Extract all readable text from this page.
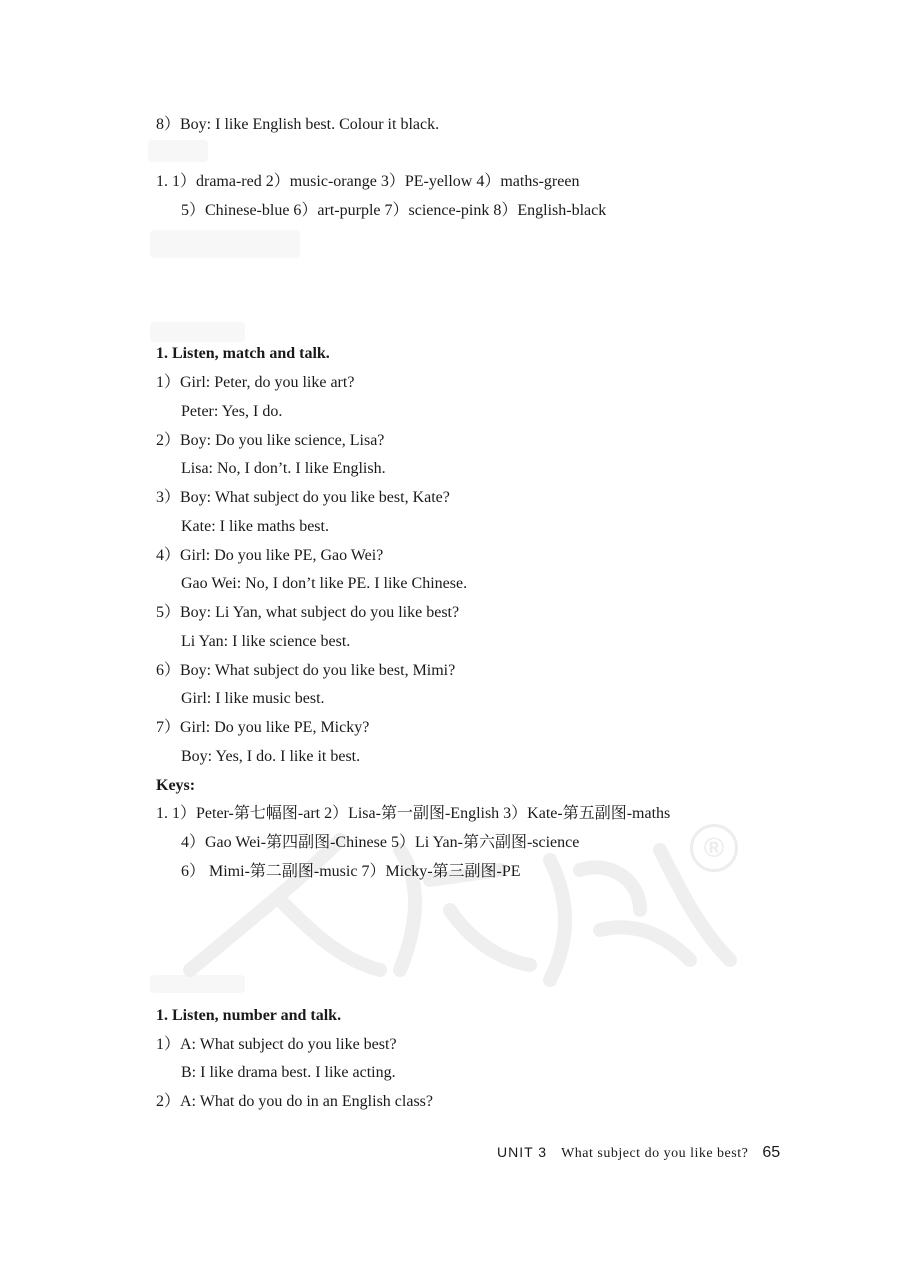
®
8）Boy: I like English best. Colour it black.
1. 1）drama-red 2）music-orange 3）PE-yellow 4）maths-green
5）Chinese-blue 6）art-purple 7）science-pink 8）English-black
1. Listen, match and talk.
1）Girl: Peter, do you like art?
Peter: Yes, I do.
2）Boy: Do you like science, Lisa?
Lisa: No, I don’t. I like English.
3）Boy: What subject do you like best, Kate?
Kate: I like maths best.
4）Girl: Do you like PE, Gao Wei?
Gao Wei: No, I don’t like PE. I like Chinese.
5）Boy: Li Yan, what subject do you like best?
Li Yan: I like science best.
6）Boy: What subject do you like best, Mimi?
Girl: I like music best.
7）Girl: Do you like PE, Micky?
Boy: Yes, I do. I like it best.
Keys:
1. 1）Peter-第七幅图-art 2）Lisa-第一副图-English 3）Kate-第五副图-maths
4）Gao Wei-第四副图-Chinese 5）Li Yan-第六副图-science
6） Mimi-第二副图-music 7）Micky-第三副图-PE
1. Listen, number and talk.
1）A: What subject do you like best?
B: I like drama best. I like acting.
2）A: What do you do in an English class?
UNIT 3 What subject do you like best? 65
